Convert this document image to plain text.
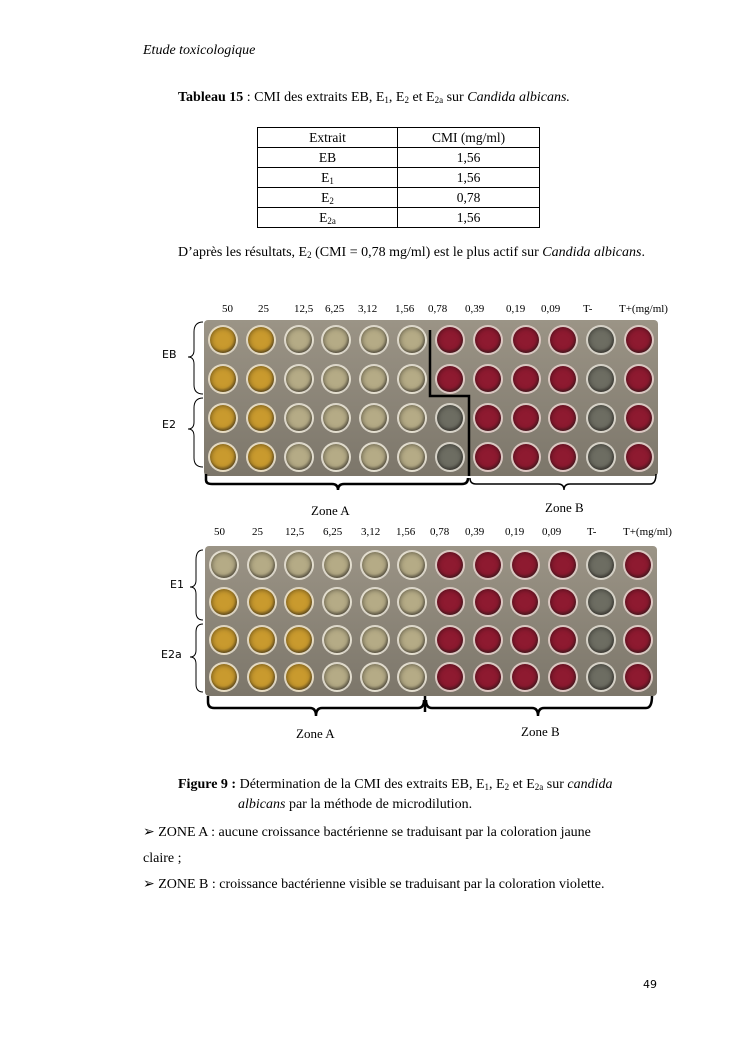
Etude toxicologique
Tableau 15 : CMI des extraits EB, $E_1$, $E_2$ et $E_{2a}$ sur Candida albicans.
Extrait	CMI (mg/ml)
EB	1,56
$E_1$	1,56
$E_2$	0,78
$E_{2a}$	1,56
D’après les résultats, $E_2$ (CMI = 0,78 mg/ml) est le plus actif sur Candida albicans.
50 25 12,5 6,25 3,12 1,56 0,78 0,39 0,19 0,09 T- T+(mg/ml)
EB
E2
Zone A	Zone B
50 25 12,5 6,25 3,12 1,56 0,78 0,39 0,19 0,09 T- T+(mg/ml)
E1
E2a
Zone A	Zone B
Figure 9 : Détermination de la CMI des extraits EB, $E_1$, $E_2$ et $E_{2a}$ sur candida
albicans par la méthode de microdilution.
➢ ZONE A : aucune croissance bactérienne se traduisant par la coloration jaune
claire ;
➢ ZONE B : croissance bactérienne visible se traduisant par la coloration violette.
49
